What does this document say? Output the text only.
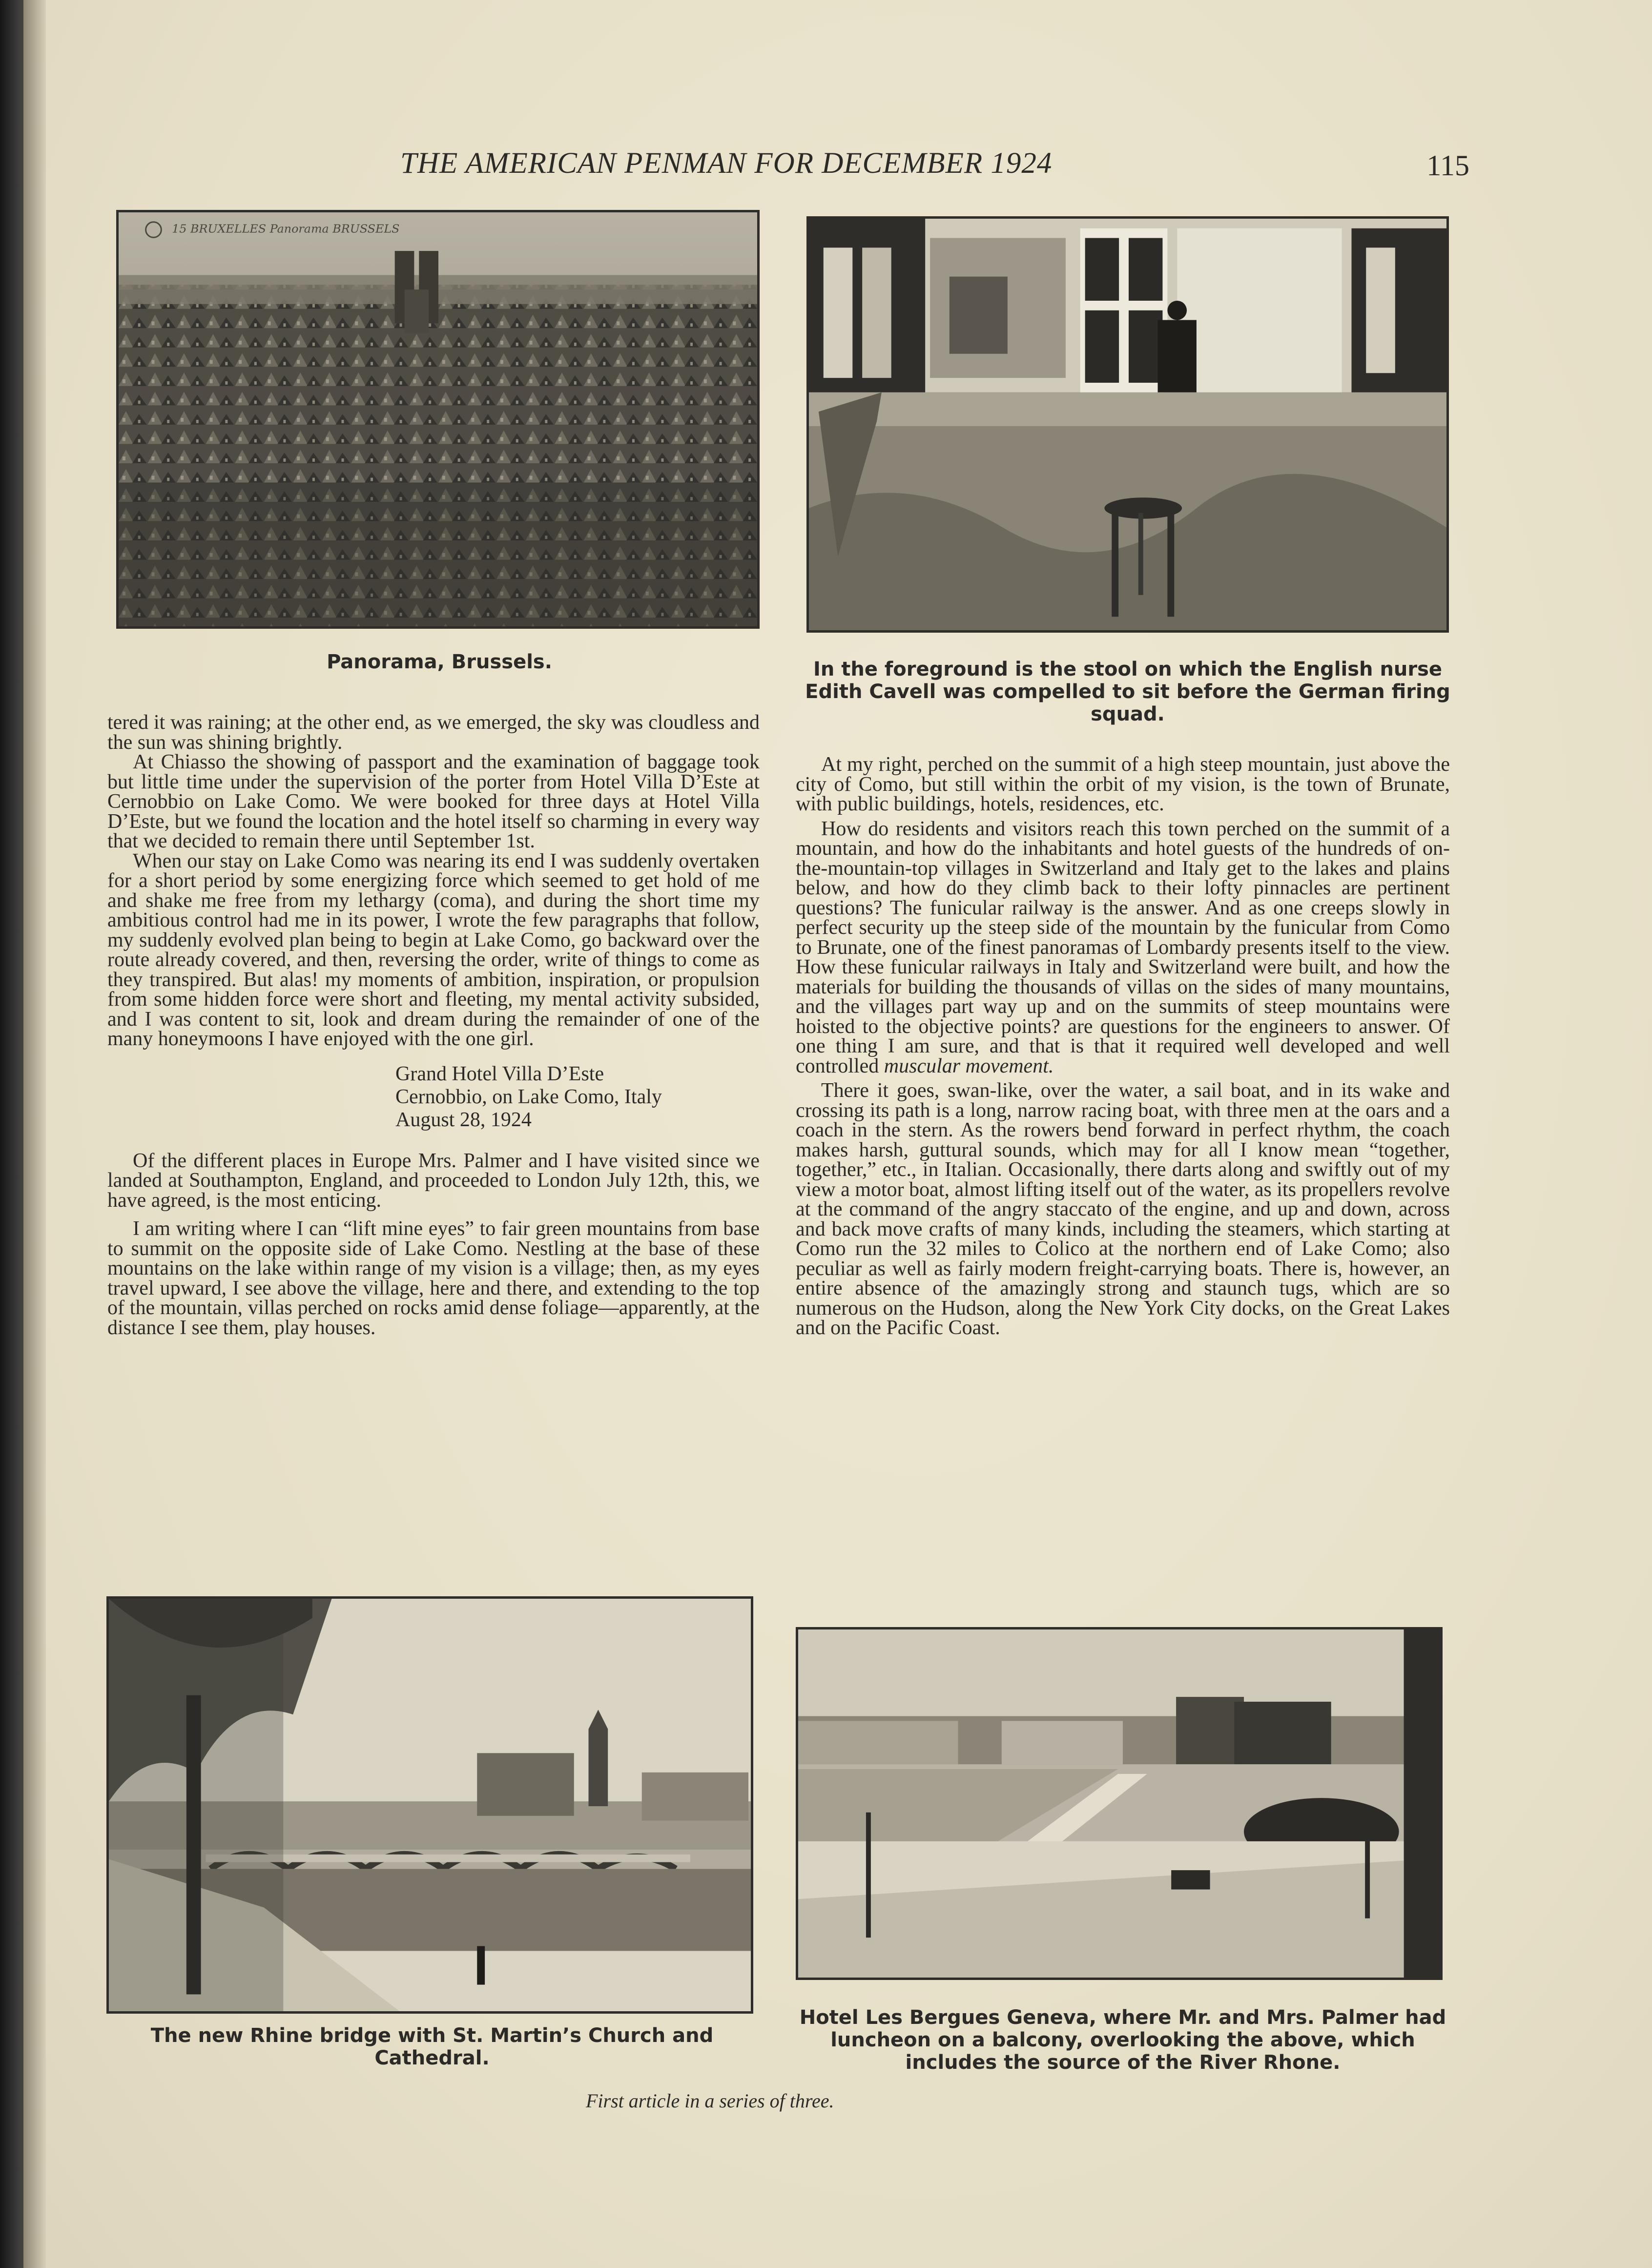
THE AMERICAN PENMAN FOR DECEMBER 1924	115
15 BRUXELLES Panorama BRUSSELS
Panorama, Brussels.	In the foreground is the stool on which the English nurse Edith Cavell was compelled to sit before the German firing squad.

tered it was raining; at the other end, as we emerged, the sky was cloudless and the sun was shining brightly.

At Chiasso the showing of passport and the examination of baggage took but little time under the supervision of the porter from Hotel Villa D’Este at Cernobbio on Lake Como. We were booked for three days at Hotel Villa D’Este, but we found the location and the hotel itself so charming in every way that we decided to remain there until September 1st.

When our stay on Lake Como was nearing its end I was suddenly overtaken for a short period by some energizing force which seemed to get hold of me and shake me free from my lethargy (coma), and during the short time my ambitious control had me in its power, I wrote the few paragraphs that follow, my suddenly evolved plan being to begin at Lake Como, go backward over the route already covered, and then, reversing the order, write of things to come as they transpired. But alas! my moments of ambition, inspiration, or propulsion from some hidden force were short and fleeting, my mental activity subsided, and I was content to sit, look and dream during the remainder of one of the many honeymoons I have enjoyed with the one girl.

Grand Hotel Villa D’Este
Cernobbio, on Lake Como, Italy
August 28, 1924

Of the different places in Europe Mrs. Palmer and I have visited since we landed at Southampton, England, and proceeded to London July 12th, this, we have agreed, is the most enticing.

I am writing where I can “lift mine eyes” to fair green mountains from base to summit on the opposite side of Lake Como. Nestling at the base of these mountains on the lake within range of my vision is a village; then, as my eyes travel upward, I see above the village, here and there, and extending to the top of the mountain, villas perched on rocks amid dense foliage—apparently, at the distance I see them, play houses.

At my right, perched on the summit of a high steep mountain, just above the city of Como, but still within the orbit of my vision, is the town of Brunate, with public buildings, hotels, residences, etc.

How do residents and visitors reach this town perched on the summit of a mountain, and how do the inhabitants and hotel guests of the hundreds of on-the-mountain-top villages in Switzerland and Italy get to the lakes and plains below, and how do they climb back to their lofty pinnacles are pertinent questions? The funicular railway is the answer. And as one creeps slowly in perfect security up the steep side of the mountain by the funicular from Como to Brunate, one of the finest panoramas of Lombardy presents itself to the view. How these funicular railways in Italy and Switzerland were built, and how the materials for building the thousands of villas on the sides of many mountains, and the villages part way up and on the summits of steep mountains were hoisted to the objective points? are questions for the engineers to answer. Of one thing I am sure, and that is that it required well developed and well controlled muscular movement.

There it goes, swan-like, over the water, a sail boat, and in its wake and crossing its path is a long, narrow racing boat, with three men at the oars and a coach in the stern. As the rowers bend forward in perfect rhythm, the coach makes harsh, guttural sounds, which may for all I know mean “together, together,” etc., in Italian. Occasionally, there darts along and swiftly out of my view a motor boat, almost lifting itself out of the water, as its propellers revolve at the command of the angry staccato of the engine, and up and down, across and back move crafts of many kinds, including the steamers, which starting at Como run the 32 miles to Colico at the northern end of Lake Como; also peculiar as well as fairly modern freight-carrying boats. There is, however, an entire absence of the amazingly strong and staunch tugs, which are so numerous on the Hudson, along the New York City docks, on the Great Lakes and on the Pacific Coast.

The new Rhine bridge with St. Martin’s Church and Cathedral.
Hotel Les Bergues Geneva, where Mr. and Mrs. Palmer had luncheon on a balcony, overlooking the above, which includes the source of the River Rhone.
First article in a series of three.
